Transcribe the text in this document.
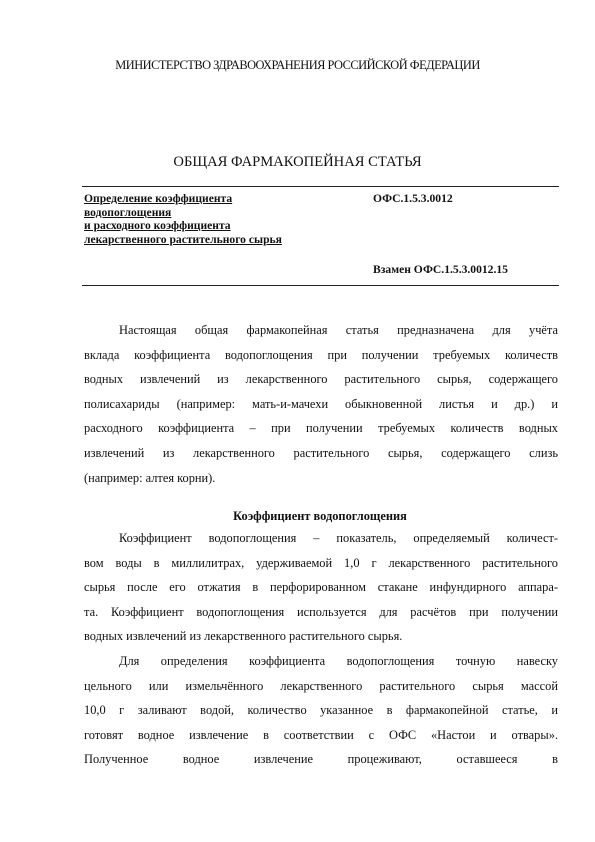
МИНИСТЕРСТВО ЗДРАВООХРАНЕНИЯ РОССИЙСКОЙ ФЕДЕРАЦИИ
ОБЩАЯ ФАРМАКОПЕЙНАЯ СТАТЬЯ
Определение коэффициента
водопоглощения
и расходного коэффициента
лекарственного растительного сырья
ОФС.1.5.3.0012
Взамен ОФС.1.5.3.0012.15
Настоящая общая фармакопейная статья предназначена для учёта
вклада коэффициента водопоглощения при получении требуемых количеств
водных извлечений из лекарственного растительного сырья, содержащего
полисахариды (например: мать-и-мачехи обыкновенной листья и др.) и
расходного коэффициента – при получении требуемых количеств водных
извлечений из лекарственного растительного сырья, содержащего слизь
(например: алтея корни).
Коэффициент водопоглощения
Коэффициент водопоглощения – показатель, определяемый количест-
вом воды в миллилитрах, удерживаемой 1,0 г лекарственного растительного
сырья после его отжатия в перфорированном стакане инфундирного аппара-
та. Коэффициент водопоглощения используется для расчётов при получении
водных извлечений из лекарственного растительного сырья.
Для определения коэффициента водопоглощения точную навеску
цельного или измельчённого лекарственного растительного сырья массой
10,0 г заливают водой, количество указанное в фармакопейной статье, и
готовят водное извлечение в соответствии с ОФС «Настои и отвары».
Полученное водное извлечение процеживают, оставшееся в
